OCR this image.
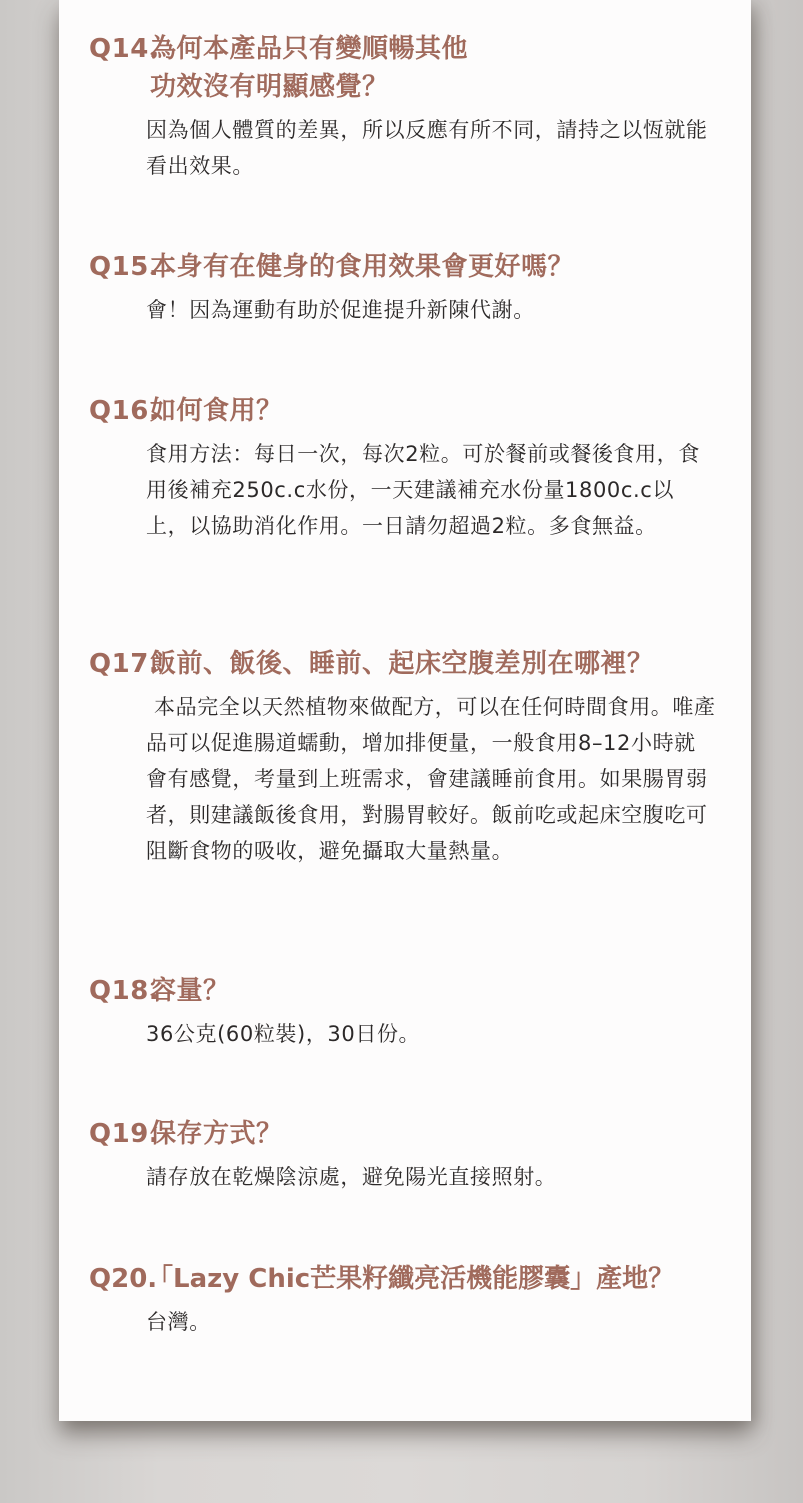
Q14.
為何本產品只有變順暢其他功效沒有明顯感覺？
因為個人體質的差異，所以反應有所不同，請持之以恆就能看出效果。
Q15.本身有在健身的食用效果會更好嗎？
會！因為運動有助於促進提升新陳代謝。
Q16.如何食用？
食用方法：每日一次，每次2粒。可於餐前或餐後食用，食用後補充250c.c水份，一天建議補充水份量1800c.c以上，以協助消化作用。一日請勿超過2粒。多食無益。
Q17.飯前、飯後、睡前、起床空腹差別在哪裡？
本品完全以天然植物來做配方，可以在任何時間食用。唯產品可以促進腸道蠕動，增加排便量，一般食用8–12小時就會有感覺，考量到上班需求，會建議睡前食用。如果腸胃弱者，則建議飯後食用，對腸胃較好。飯前吃或起床空腹吃可阻斷食物的吸收，避免攝取大量熱量。
Q18.容量？
36公克(60粒裝)，30日份。
Q19.保存方式？
請存放在乾燥陰涼處，避免陽光直接照射。
Q20.「Lazy Chic芒果籽纖亮活機能膠囊」產地？
台灣。
